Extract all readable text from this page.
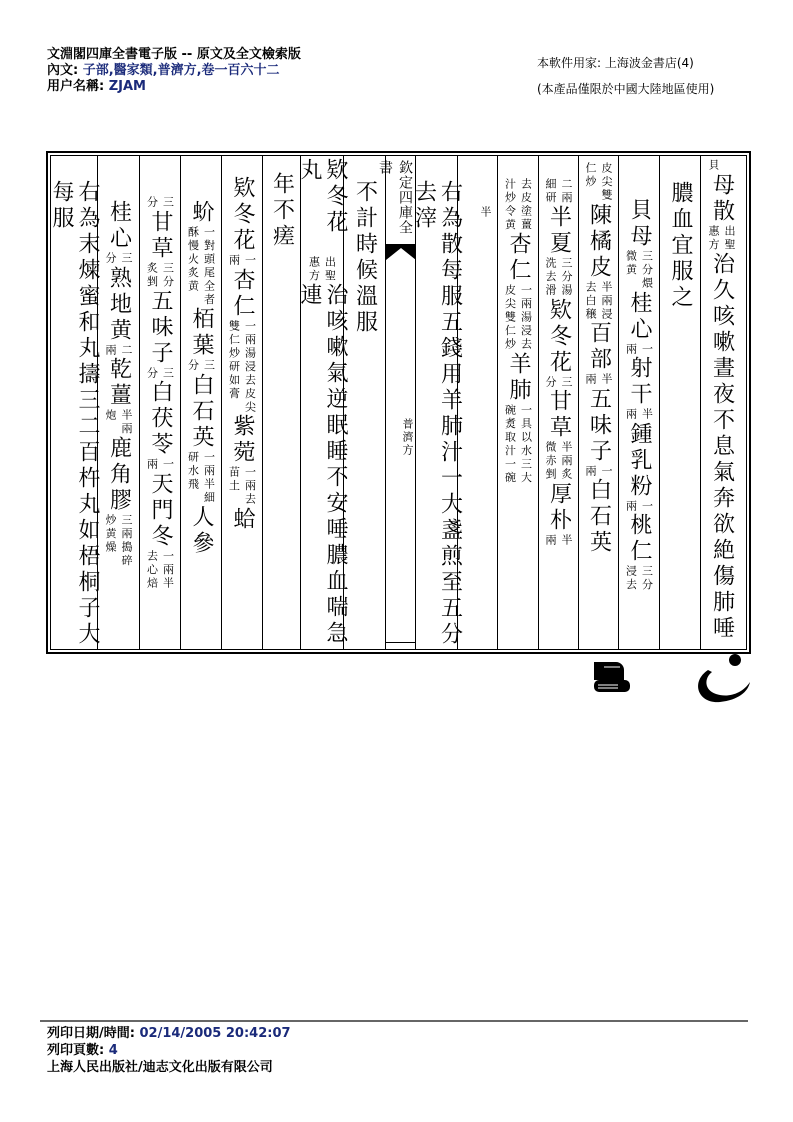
文淵閣四庫全書電子版 -- 原文及全文檢索版
內文: 子部,醫家類,普濟方,卷一百六十二
用户名稱: ZJAM
本軟件用家: 上海波金書店(4)
(本產品僅限於中國大陸地區使用)
欽定四庫全書
普濟方
貝
母散
出聖
惠方
治久咳嗽晝夜不息氣奔欲絶傷肺唾
膿血宜服之
貝母
三分煨
微黄
桂心
一
兩
射干
半
兩
鍾乳粉
一
兩
桃仁
三分
浸去
皮尖雙
仁炒
陳橘皮
半兩浸
去白穣
百部
半
兩
五味子
一
兩
白石英
二兩
細研
半夏
三分湯
洗去滑
欵冬花
三
分
甘草
半兩炙
微赤剉
厚朴
半
兩
去皮塗薑
汁炒令黄
杏仁
一兩湯浸去
皮尖雙仁炒
羊肺
一具以水三大
碗煑取汁一碗
半
右為散每服五錢用羊肺汁一大盞煎至五分去滓
不計時候溫服
欵冬花丸
出聖
惠方
治咳嗽氣逆眠睡不安唾膿血喘急連
年不瘥
欵冬花
一
兩
杏仁
一兩湯浸去皮尖
雙仁炒研如膏
紫菀
一兩去
苗土
蛤
蚧
一對頭尾全者
酥慢火炙黄
栢葉
三
分
白石英
一兩半細
研水飛
人參
三
分
甘草
三分
炙剉
五味子
三
分
白茯苓
一
兩
天門冬
一兩半
去心焙
桂心
三
分
熟地黄
二
兩
乾薑
半兩
炮
鹿角膠
三兩搗碎
炒黄燥
右為末煉蜜和丸擣三二百杵丸如梧桐子大每服
列印日期/時間: 02/14/2005 20:42:07
列印頁數: 4
上海人民出版社/迪志文化出版有限公司
